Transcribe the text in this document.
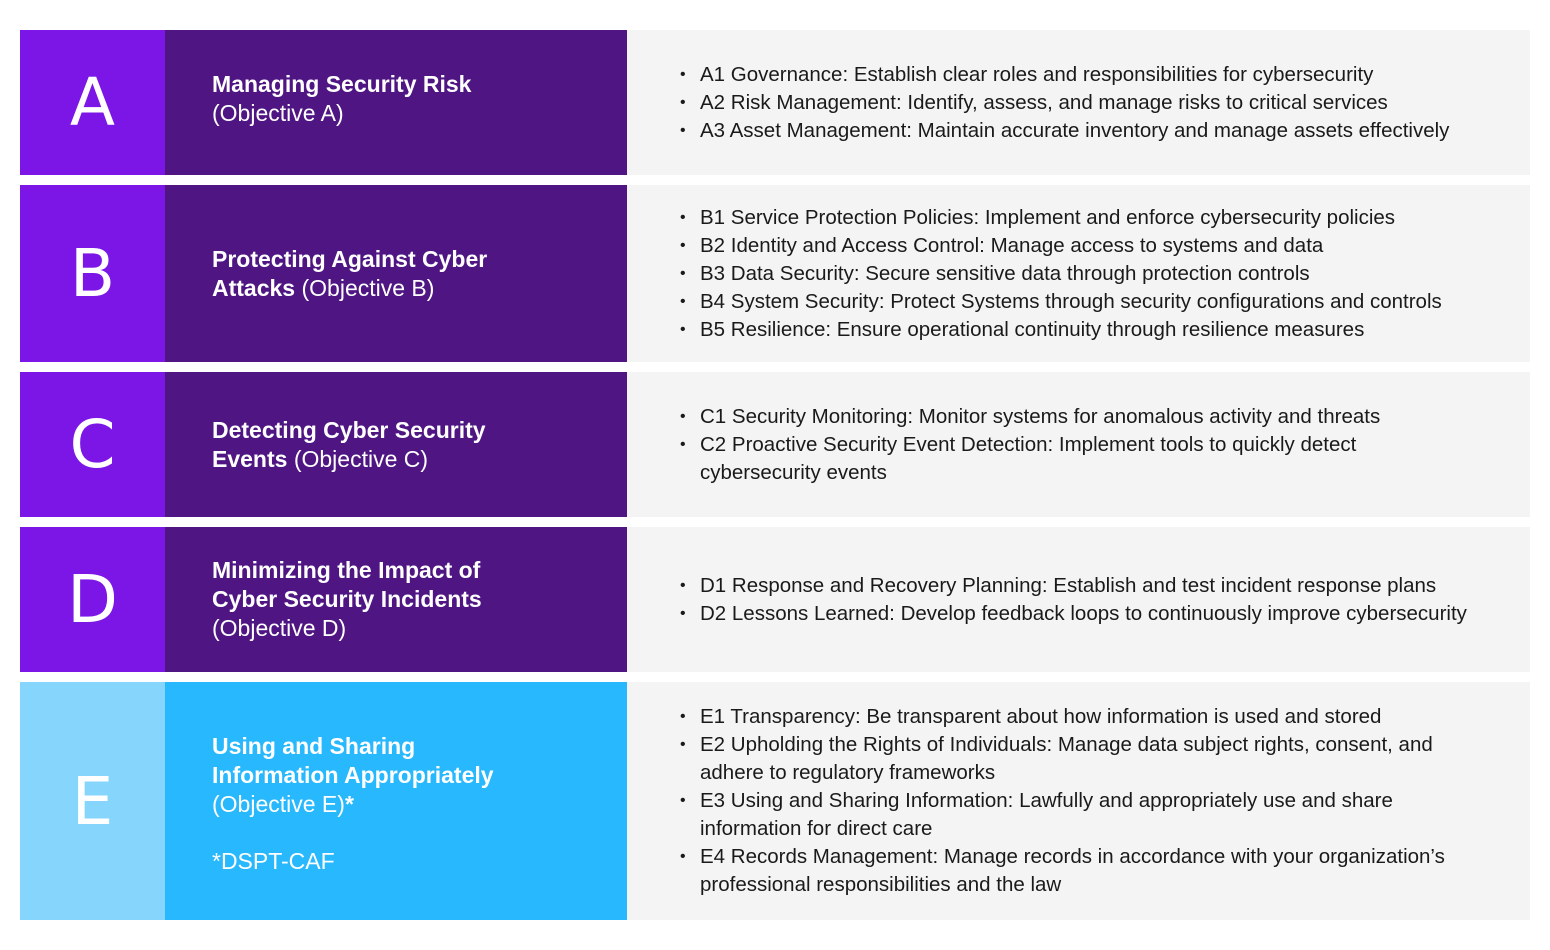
A	Managing Security Risk
(Objective A)
• A1 Governance: Establish clear roles and responsibilities for cybersecurity
• A2 Risk Management: Identify, assess, and manage risks to critical services
• A3 Asset Management: Maintain accurate inventory and manage assets effectively
B	Protecting Against Cyber Attacks (Objective B)
• B1 Service Protection Policies: Implement and enforce cybersecurity policies
• B2 Identity and Access Control: Manage access to systems and data
• B3 Data Security: Secure sensitive data through protection controls
• B4 System Security: Protect Systems through security configurations and controls
• B5 Resilience: Ensure operational continuity through resilience measures
C	Detecting Cyber Security Events (Objective C)
• C1 Security Monitoring: Monitor systems for anomalous activity and threats
• C2 Proactive Security Event Detection: Implement tools to quickly detect cybersecurity events
D	Minimizing the Impact of Cyber Security Incidents
(Objective D)
• D1 Response and Recovery Planning: Establish and test incident response plans
• D2 Lessons Learned: Develop feedback loops to continuously improve cybersecurity
E
Using and Sharing Information Appropriately
(Objective E)*
*DSPT-CAF
• E1 Transparency: Be transparent about how information is used and stored
• E2 Upholding the Rights of Individuals: Manage data subject rights, consent, and adhere to regulatory frameworks
• E3 Using and Sharing Information: Lawfully and appropriately use and share information for direct care
• E4 Records Management: Manage records in accordance with your organization’s professional responsibilities and the law
